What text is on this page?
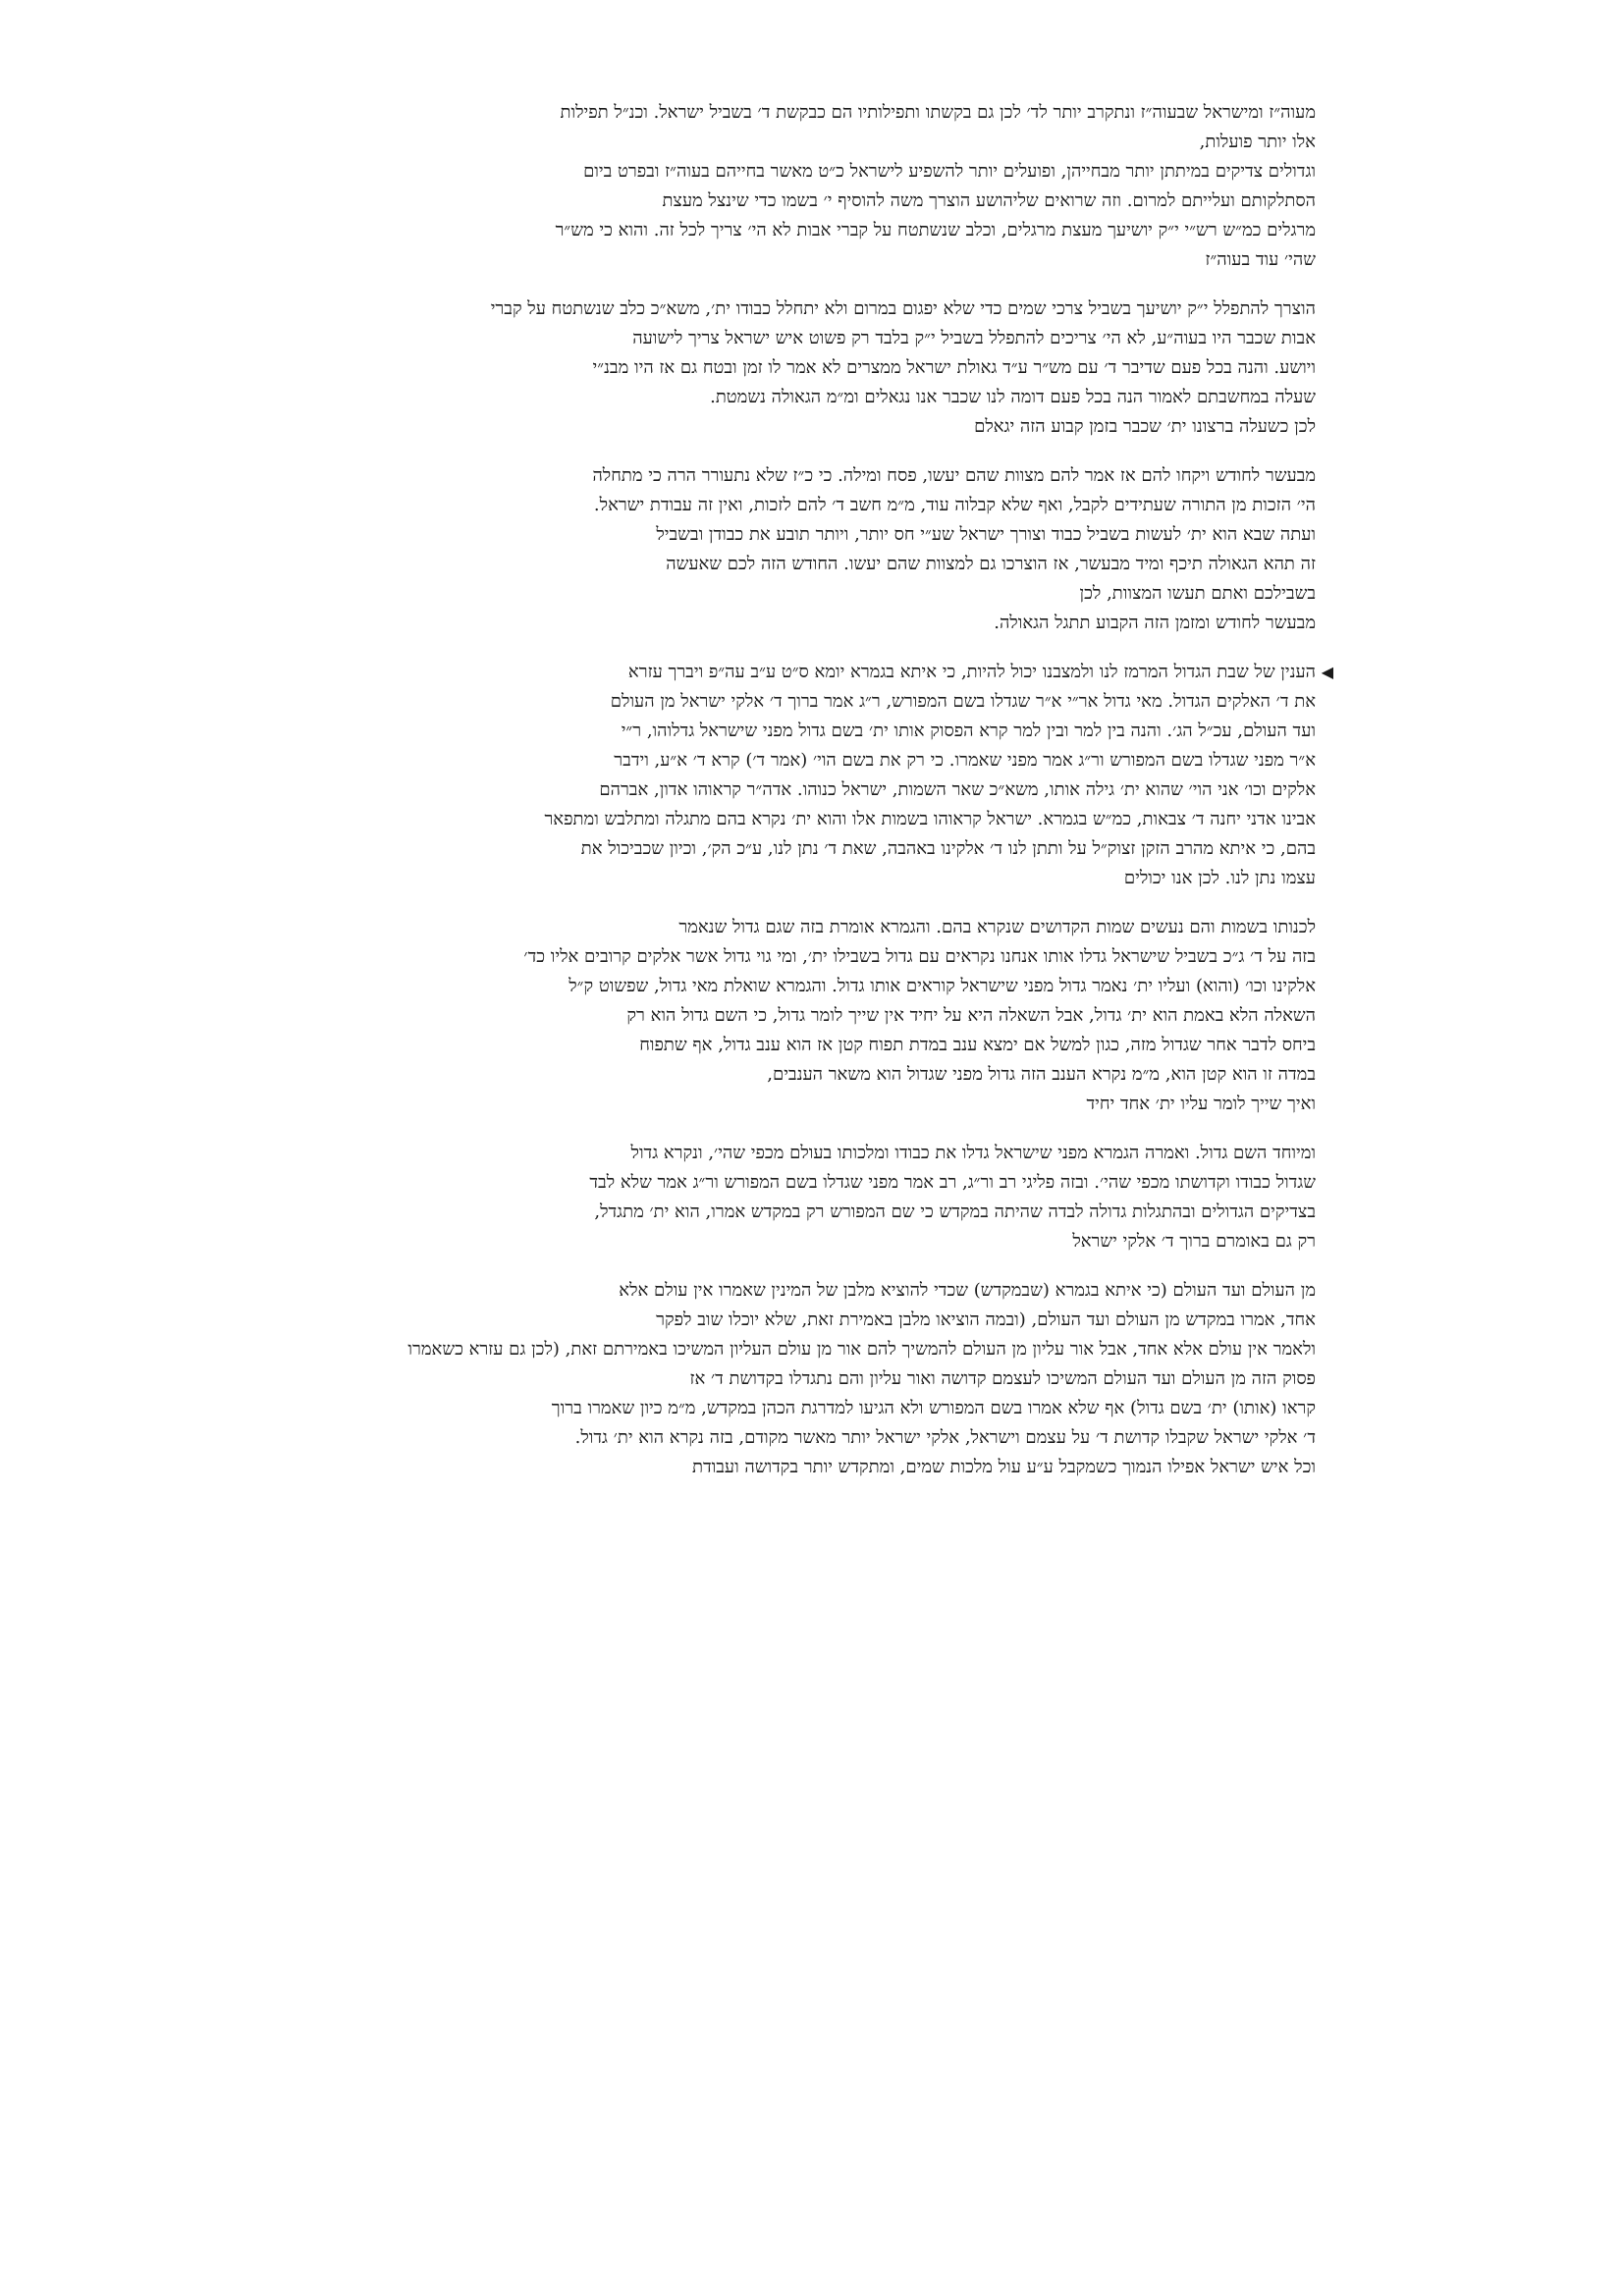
מעוה״ז ומישראל שבעוה״ז ונתקרב יותר לד׳ לכן גם בקשתו ותפילותיו הם כבקשת ד׳ בשביל ישראל. וכנ״ל תפילות
אלו יותר פועלות,
וגדולים צדיקים במיתתן יותר מבחייהן, ופועלים יותר להשפיע לישראל כ״ט מאשר בחייהם בעוה״ז ובפרט ביום
הסתלקותם ועלייתם למרום. וזה שרואים שליהושע הוצרך משה להוסיף י׳ בשמו כדי שינצל מעצת
מרגלים כמ״ש רש״י י״ק יושיעך מעצת מרגלים, וכלב שנשתטח על קברי אבות לא הי׳ צריך לכל זה. והוא כי מש״ר
שהי׳ עוד בעוה״ז
הוצרך להתפלל י״ק יושיעך בשביל צרכי שמים כדי שלא יפגום במרום ולא יתחלל כבודו ית׳, משא״כ כלב שנשתטח על קברי
אבות שכבר היו בעוה״ע, לא הי׳ צריכים להתפלל בשביל י״ק בלבד רק פשוט איש ישראל צריך לישועה
ויושע. והנה בכל פעם שדיבר ד׳ עם מש״ר ע״ד גאולת ישראל ממצרים לא אמר לו זמן ובטח גם אז היו מבנ״י
שעלה במחשבתם לאמור הנה בכל פעם דומה לנו שכבר אנו נגאלים ומ״מ הגאולה נשמטת.
לכן כשעלה ברצונו ית׳ שכבר בזמן קבוע הזה יגאלם
מבעשר לחודש ויקחו להם אז אמר להם מצוות שהם יעשו, פסח ומילה. כי כ״ז שלא נתעורר הרה כי מתחלה
הי׳ הזכות מן התורה שעתידים לקבל, ואף שלא קבלוה עוד, מ״מ חשב ד׳ להם לזכות, ואין זה עבודת ישראל.
ועתה שבא הוא ית׳ לעשות בשביל כבוד וצורך ישראל שע״י חס יותר, ויותר תובע את כבודן ובשביל
זה תהא הגאולה תיכף ומיד מבעשר, אז הוצרכו גם למצוות שהם יעשו. החודש הזה לכם שאעשה
בשבילכם ואתם תעשו המצוות, לכן
מבעשר לחודש ומזמן הזה הקבוע תתגל הגאולה.
◀
הענין של שבת הגדול המרמז לנו ולמצבנו יכול להיות, כי איתא בגמרא יומא ס״ט ע״ב עה״פ ויברך עזרא
את ד׳ האלקים הגדול. מאי גדול אר״י א״ר שגדלו בשם המפורש, ר״ג אמר ברוך ד׳ אלקי ישראל מן העולם
ועד העולם, עכ״ל הג׳. והנה בין למר ובין למר קרא הפסוק אותו ית׳ בשם גדול מפני שישראל גדלוהו, ר״י
א״ר מפני שגדלו בשם המפורש ור״ג אמר מפני שאמרו. כי רק את בשם הוי׳ (אמר ד׳) קרא ד׳ א״ע, וידבר
אלקים וכו׳ אני הוי׳ שהוא ית׳ גילה אותו, משא״כ שאר השמות, ישראל כנוהו. אדה״ר קראוהו אדון, אברהם
אבינו אדני יחנה ד׳ צבאות, כמ״ש בגמרא. ישראל קראוהו בשמות אלו והוא ית׳ נקרא בהם מתגלה ומתלבש ומתפאר
בהם, כי איתא מהרב הזקן זצוק״ל על ותתן לנו ד׳ אלקינו באהבה, שאת ד׳ נתן לנו, ע״כ הק׳, וכיון שכביכול את
עצמו נתן לנו. לכן אנו יכולים
לכנותו בשמות והם נעשים שמות הקדושים שנקרא בהם. והגמרא אומרת בזה שגם גדול שנאמר
בזה על ד׳ ג״כ בשביל שישראל גדלו אותו אנחנו נקראים עם גדול בשבילו ית׳, ומי גוי גדול אשר אלקים קרובים אליו כד׳
אלקינו וכו׳ (והוא) ועליו ית׳ נאמר גדול מפני שישראל קוראים אותו גדול. והגמרא שואלת מאי גדול, שפשוט ק״ל
השאלה הלא באמת הוא ית׳ גדול, אבל השאלה היא על יחיד אין שייך לומר גדול, כי השם גדול הוא רק
ביחס לדבר אחר שגדול מזה, כגון למשל אם ימצא ענב במדת תפוח קטן אז הוא ענב גדול, אף שתפוח
במדה זו הוא קטן הוא, מ״מ נקרא הענב הזה גדול מפני שגדול הוא משאר הענבים,
ואיך שייך לומר עליו ית׳ אחד יחיד
ומיוחד השם גדול. ואמרה הגמרא מפני שישראל גדלו את כבודו ומלכותו בעולם מכפי שהי׳, ונקרא גדול
שגדול כבודו וקדושתו מכפי שהי׳. ובזה פליגי רב ור״ג, רב אמר מפני שגדלו בשם המפורש ור״ג אמר שלא לבד
בצדיקים הגדולים ובהתגלות גדולה לבדה שהיתה במקדש כי שם המפורש רק במקדש אמרו, הוא ית׳ מתגדל,
רק גם באומרם ברוך ד׳ אלקי ישראל
מן העולם ועד העולם (כי איתא בגמרא (שבמקדש) שכדי להוציא מלבן של המינין שאמרו אין עולם אלא
אחד, אמרו במקדש מן העולם ועד העולם, (ובמה הוציאו מלבן באמירת זאת, שלא יוכלו שוב לפקר
ולאמר אין עולם אלא אחד, אבל אור עליון מן העולם להמשיך להם אור מן עולם העליון המשיכו באמירתם זאת, (לכן גם עזרא כשאמרו
פסוק הזה מן העולם ועד העולם המשיכו לעצמם קדושה ואור עליון והם נתגדלו בקדושת ד׳ אז
קראו (אותו) ית׳ בשם גדול) אף שלא אמרו בשם המפורש ולא הגיעו למדרגת הכהן במקדש, מ״מ כיון שאמרו ברוך
ד׳ אלקי ישראל שקבלו קדושת ד׳ על עצמם וישראל, אלקי ישראל יותר מאשר מקודם, בזה נקרא הוא ית׳ גדול.
וכל איש ישראל אפילו הנמוך כשמקבל ע״ע עול מלכות שמים, ומתקדש יותר בקדושה ועבודת
